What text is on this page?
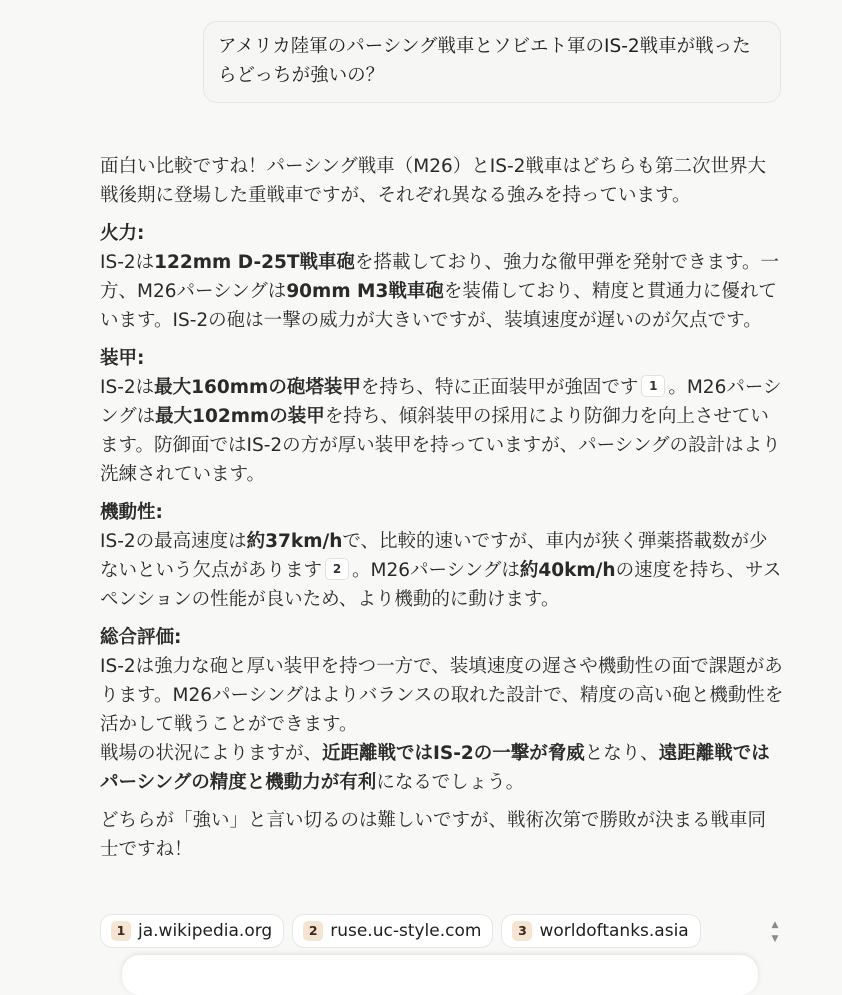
アメリカ陸軍のパーシング戦車とソビエト軍のIS-2戦車が戦ったらどっちが強いの？

面白い比較ですね！パーシング戦車（M26）とIS-2戦車はどちらも第二次世界大戦後期に登場した重戦車ですが、それぞれ異なる強みを持っています。

火力:

IS-2は122mm D-25T戦車砲を搭載しており、強力な徹甲弾を発射できます。一方、M26パーシングは90mm M3戦車砲を装備しており、精度と貫通力に優れています。IS-2の砲は一撃の威力が大きいですが、装填速度が遅いのが欠点です。

装甲:

IS-2は最大160mmの砲塔装甲を持ち、特に正面装甲が強固です 1 。M26パーシングは最大102mmの装甲を持ち、傾斜装甲の採用により防御力を向上させています。防御面ではIS-2の方が厚い装甲を持っていますが、パーシングの設計はより洗練されています。

機動性:

IS-2の最高速度は約37km/hで、比較的速いですが、車内が狭く弾薬搭載数が少ないという欠点があります 2 。M26パーシングは約40km/hの速度を持ち、サスペンションの性能が良いため、より機動的に動けます。

総合評価:

IS-2は強力な砲と厚い装甲を持つ一方で、装填速度の遅さや機動性の面で課題があります。M26パーシングはよりバランスの取れた設計で、精度の高い砲と機動性を活かして戦うことができます。

戦場の状況によりますが、近距離戦ではIS-2の一撃が脅威となり、遠距離戦ではパーシングの精度と機動力が有利になるでしょう。

どちらが「強い」と言い切るのは難しいですが、戦術次第で勝敗が決まる戦車同士ですね！

1 ja.wikipedia.org	2 ruse.uc-style.com	3 worldoftanks.asia	▲
▼
